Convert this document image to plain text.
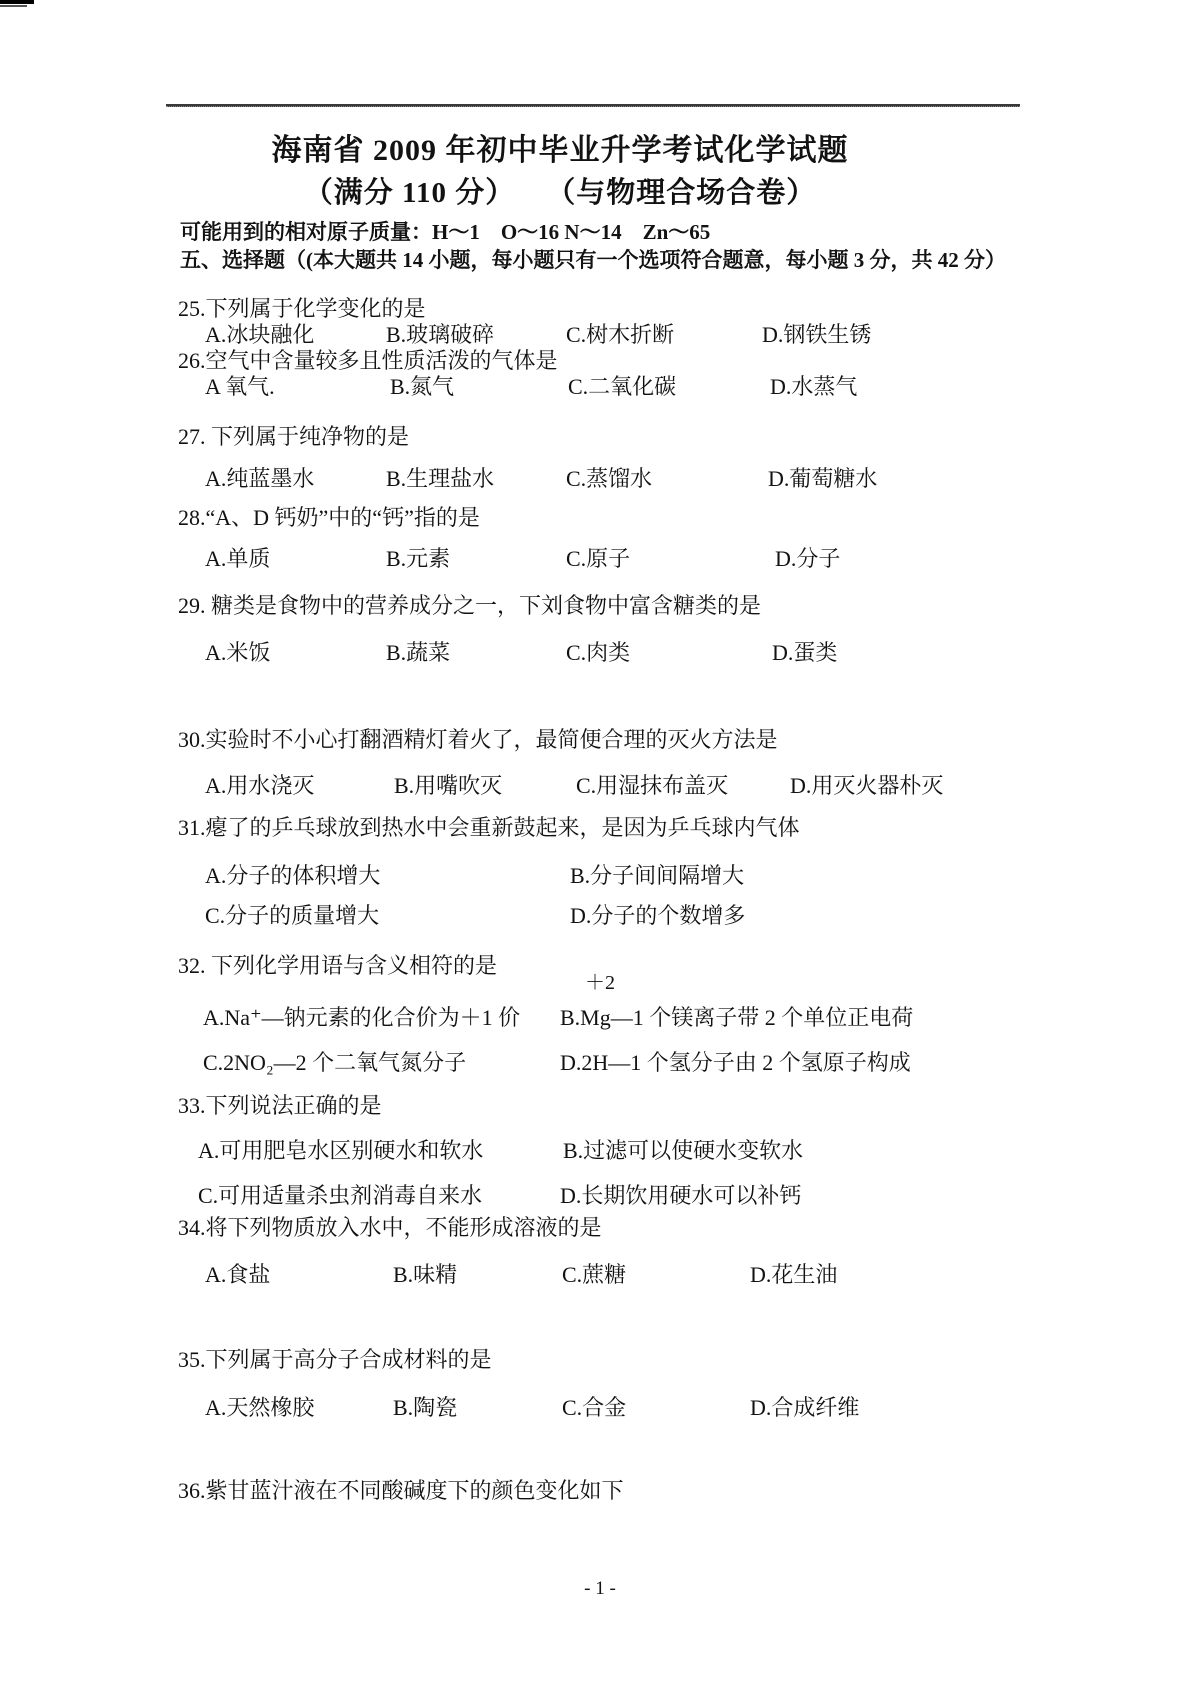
海南省 2009 年初中毕业升学考试化学试题
（满分 110 分）　　（与物理合场合卷）
可能用到的相对原子质量：H～1　O～16 N～14　Zn～65
五、选择题（(本大题共 14 小题，每小题只有一个选项符合题意，每小题 3 分，共 42 分）
25.下列属于化学变化的是
A.冰块融化	B.玻璃破碎	C.树木折断	D.钢铁生锈
26.空气中含量较多且性质活泼的气体是
A 氧气.	B.氮气	C.二氧化碳	D.水蒸气
27. 下列属于纯净物的是
A.纯蓝墨水	B.生理盐水	C.蒸馏水	D.葡萄糖水
28.“A、D 钙奶”中的“钙”指的是
A.单质	B.元素	C.原子	D.分子
29. 糖类是食物中的营养成分之一，下刘食物中富含糖类的是
A.米饭	B.蔬菜	C.肉类	D.蛋类
30.实验时不小心打翻酒精灯着火了，最简便合理的灭火方法是
A.用水浇灭	B.用嘴吹灭	C.用湿抹布盖灭	D.用灭火器朴灭
31.瘪了的乒乓球放到热水中会重新鼓起来，是因为乒乓球内气体
A.分子的体积增大	B.分子间间隔增大
C.分子的质量增大	D.分子的个数增多
32. 下列化学用语与含义相符的是
＋2
A.Na⁺—钠元素的化合价为＋1 价 B.Mg—1 个镁离子带 2 个单位正电荷
C.2NO₂—2 个二氧气氮分子	D.2H—1 个氢分子由 2 个氢原子构成
33.下列说法正确的是
A.可用肥皂水区别硬水和软水	B.过滤可以使硬水变软水
C.可用适量杀虫剂消毒自来水	D.长期饮用硬水可以补钙
34.将下列物质放入水中，不能形成溶液的是
A.食盐	B.味精	C.蔗糖	D.花生油
35.下列属于高分子合成材料的是
A.天然橡胶	B.陶瓷	C.合金	D.合成纤维
36.紫甘蓝汁液在不同酸碱度下的颜色变化如下
- 1 -
